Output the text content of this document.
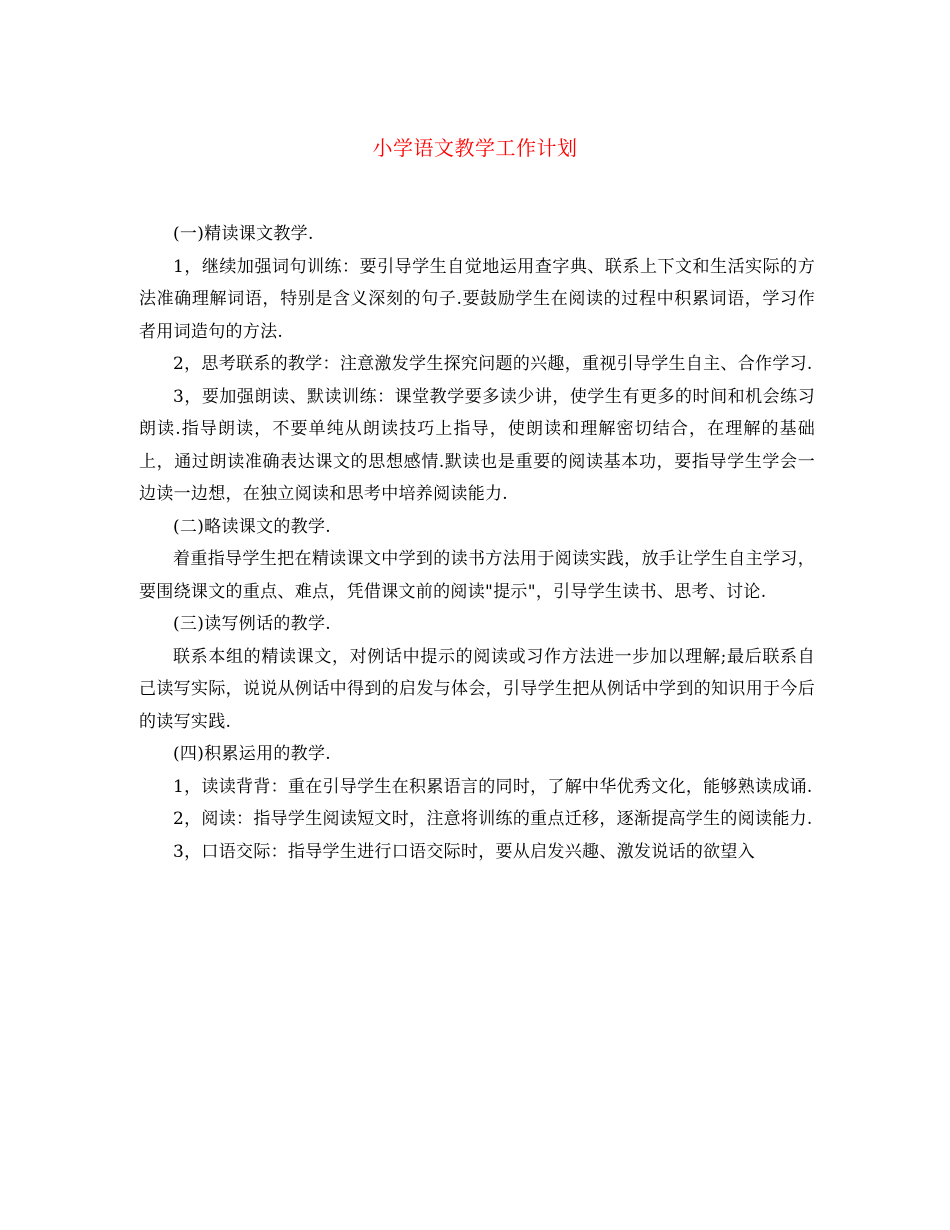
小学语文教学工作计划

(一)精读课文教学.

1，继续加强词句训练：要引导学生自觉地运用查字典、联系上下文和生活实际的方法准确理解词语，特别是含义深刻的句子.要鼓励学生在阅读的过程中积累词语，学习作者用词造句的方法.

2，思考联系的教学：注意激发学生探究问题的兴趣，重视引导学生自主、合作学习.

3，要加强朗读、默读训练：课堂教学要多读少讲，使学生有更多的时间和机会练习朗读.指导朗读，不要单纯从朗读技巧上指导，使朗读和理解密切结合，在理解的基础上，通过朗读准确表达课文的思想感情.默读也是重要的阅读基本功，要指导学生学会一边读一边想，在独立阅读和思考中培养阅读能力.

(二)略读课文的教学.

着重指导学生把在精读课文中学到的读书方法用于阅读实践，放手让学生自主学习，要围绕课文的重点、难点，凭借课文前的阅读"提示"，引导学生读书、思考、讨论.

(三)读写例话的教学.

联系本组的精读课文，对例话中提示的阅读或习作方法进一步加以理解;最后联系自己读写实际，说说从例话中得到的启发与体会，引导学生把从例话中学到的知识用于今后的读写实践.

(四)积累运用的教学.

1，读读背背：重在引导学生在积累语言的同时，了解中华优秀文化，能够熟读成诵.

2，阅读：指导学生阅读短文时，注意将训练的重点迁移，逐渐提高学生的阅读能力.

3，口语交际：指导学生进行口语交际时，要从启发兴趣、激发说话的欲望入
